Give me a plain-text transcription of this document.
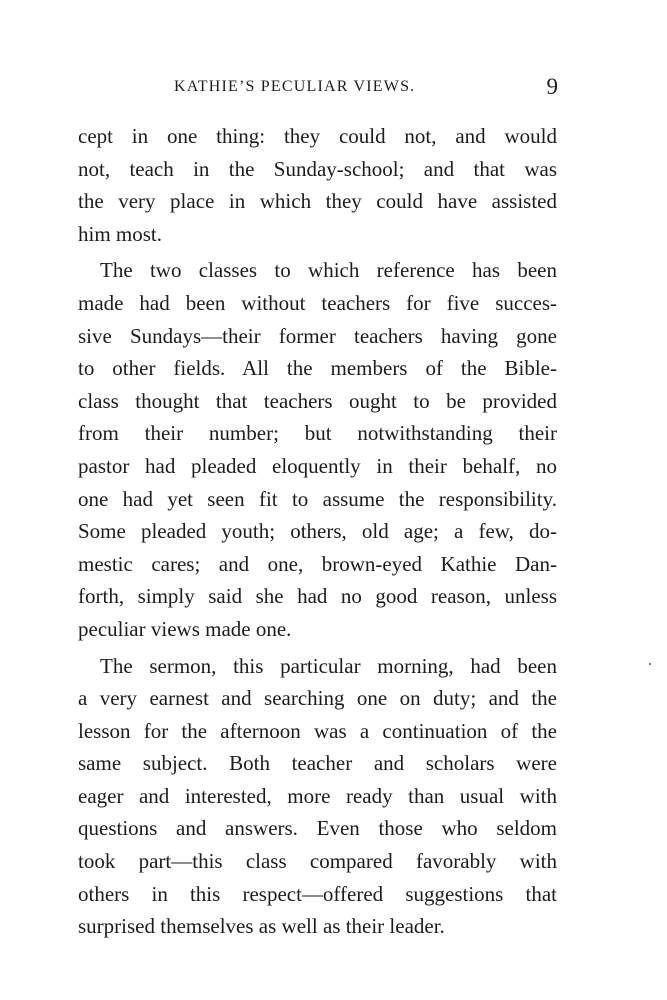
KATHIE’S PECULIAR VIEWS.	9
cept in one thing: they could not, and would
not, teach in the Sunday-school; and that was
the very place in which they could have assisted
him most.
The two classes to which reference has been
made had been without teachers for five succes-
sive Sundays—their former teachers having gone
to other fields. All the members of the Bible-
class thought that teachers ought to be provided
from their number; but notwithstanding their
pastor had pleaded eloquently in their behalf, no
one had yet seen fit to assume the responsibility.
Some pleaded youth; others, old age; a few, do-
mestic cares; and one, brown-eyed Kathie Dan-
forth, simply said she had no good reason, unless
peculiar views made one.
The sermon, this particular morning, had been
a very earnest and searching one on duty; and the
lesson for the afternoon was a continuation of the
same subject. Both teacher and scholars were
eager and interested, more ready than usual with
questions and answers. Even those who seldom
took part—this class compared favorably with
others in this respect—offered suggestions that
surprised themselves as well as their leader.
